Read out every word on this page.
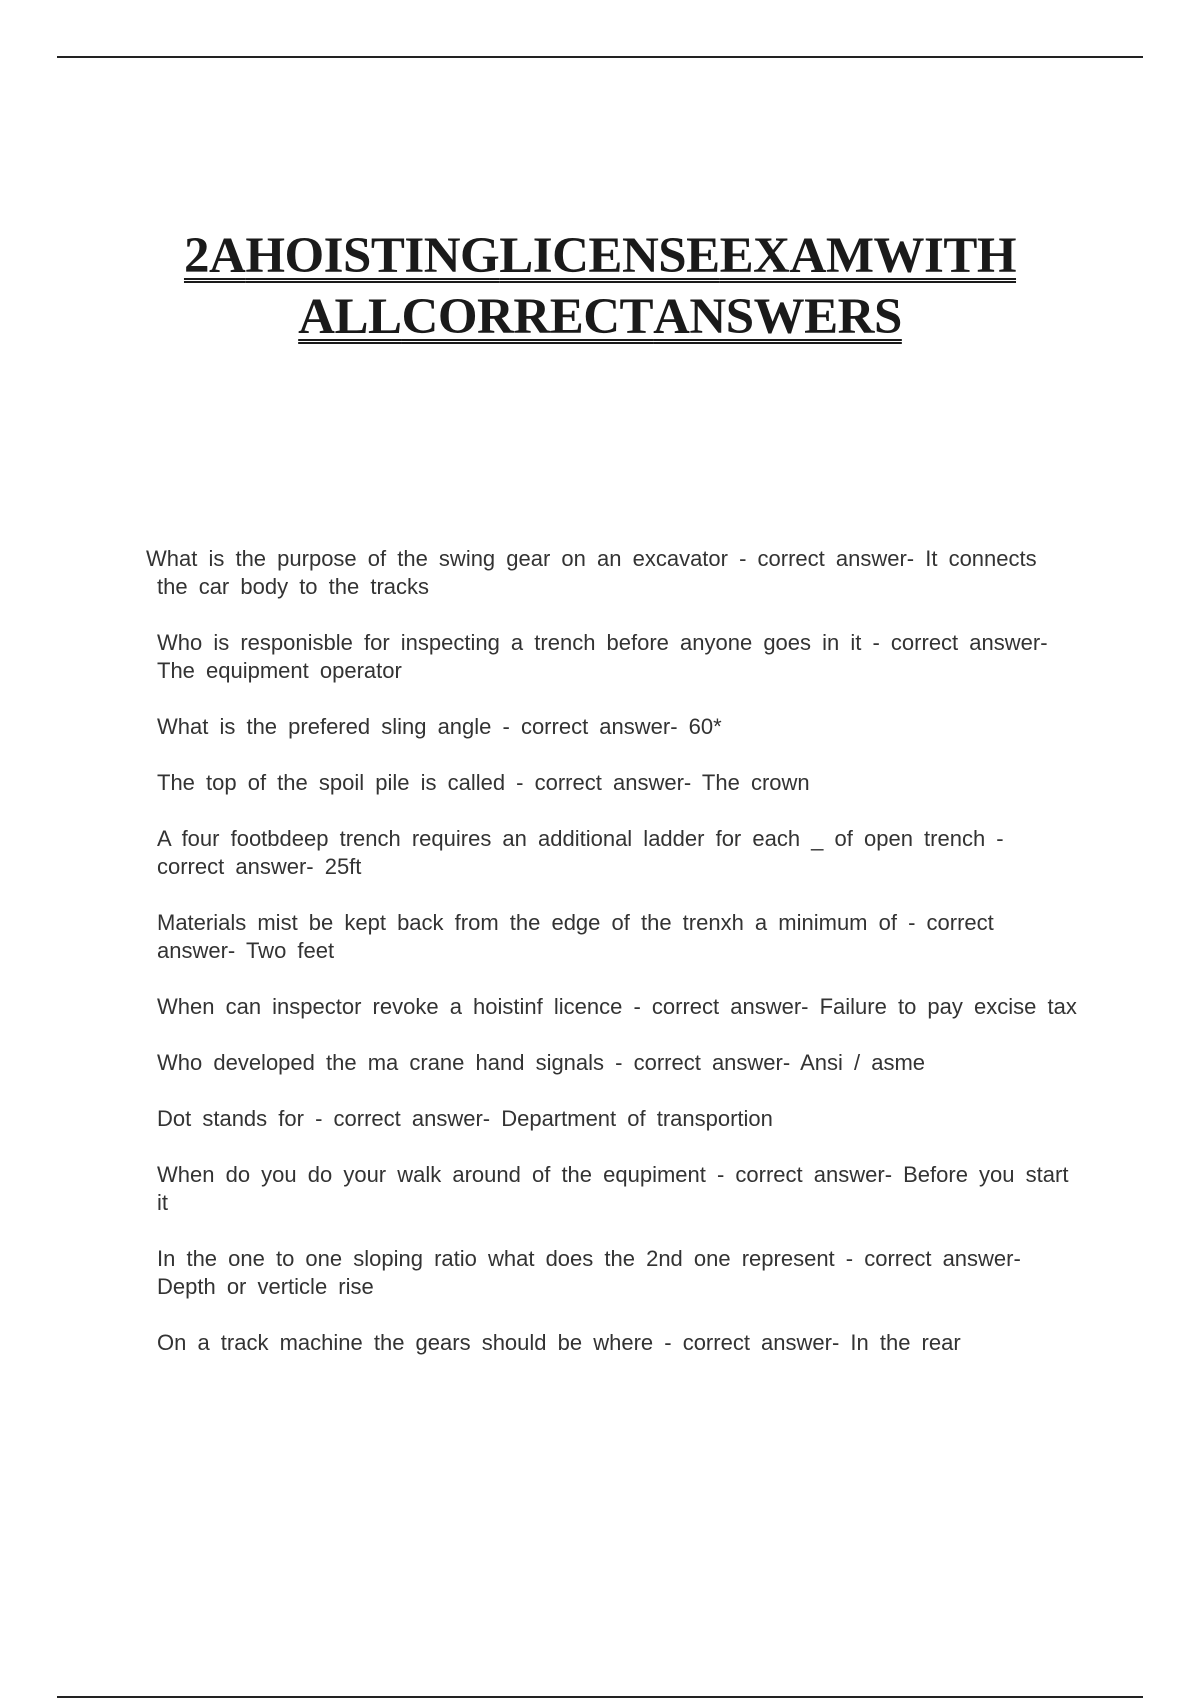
2AHOISTINGLICENSEEXAMWITH
ALLCORRECTANSWERS

What is the purpose of the swing gear on an excavator - correct answer- It connects the car body to the tracks

Who is responisble for inspecting a trench before anyone goes in it - correct answer- The equipment operator

What is the prefered sling angle - correct answer- 60*

The top of the spoil pile is called - correct answer- The crown

A four footbdeep trench requires an additional ladder for each _ of open trench - correct answer- 25ft

Materials mist be kept back from the edge of the trenxh a minimum of - correct answer- Two feet

When can inspector revoke a hoistinf licence - correct answer- Failure to pay excise tax

Who developed the ma crane hand signals - correct answer- Ansi / asme

Dot stands for - correct answer- Department of transportion

When do you do your walk around of the equpiment - correct answer- Before you start it

In the one to one sloping ratio what does the 2nd one represent - correct answer- Depth or verticle rise

On a track machine the gears should be where - correct answer- In the rear
